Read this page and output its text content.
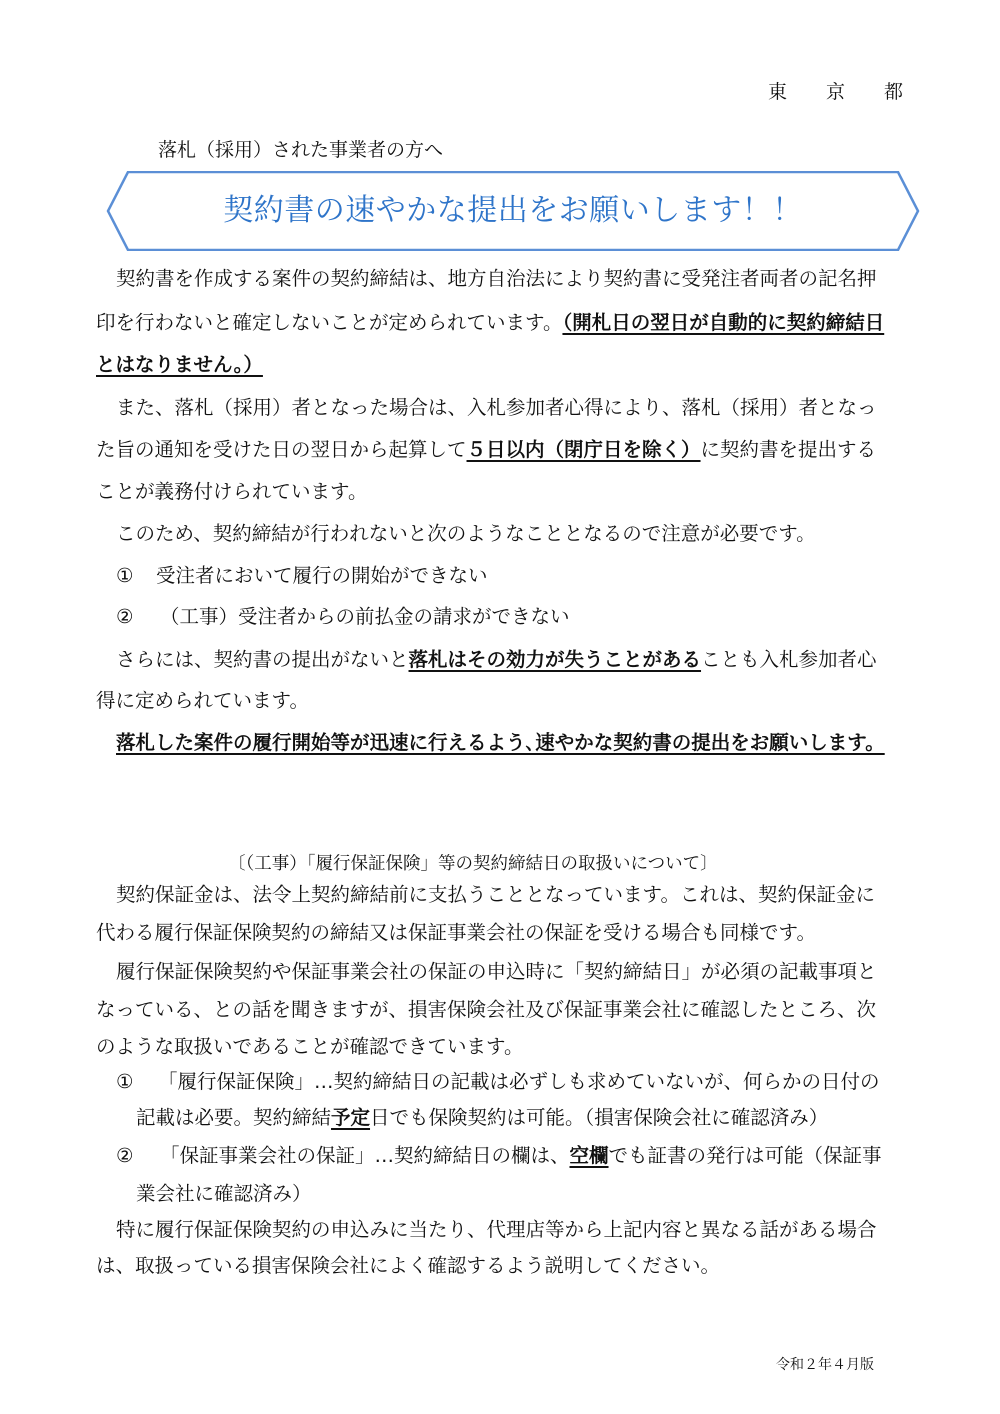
東 京 都
落札（採用）された事業者の方へ
契約書の速やかな提出をお願いします！！
契約書を作成する案件の契約締結は、地方自治法により契約書に受発注者両者の記名押
印を行わないと確定しないことが定められています。（開札日の翌日が自動的に契約締結日
とはなりません。）
また、落札（採用）者となった場合は、入札参加者心得により、落札（採用）者となっ
た旨の通知を受けた日の翌日から起算して５日以内（閉庁日を除く）に契約書を提出する
ことが義務付けられています。
このため、契約締結が行われないと次のようなこととなるので注意が必要です。
① 受注者において履行の開始ができない
② （工事）受注者からの前払金の請求ができない
さらには、契約書の提出がないと落札はその効力が失うことがあることも入札参加者心
得に定められています。
落札した案件の履行開始等が迅速に行えるよう､速やかな契約書の提出をお願いします。
〔（工事）「履行保証保険」等の契約締結日の取扱いについて〕
契約保証金は、法令上契約締結前に支払うこととなっています。これは、契約保証金に
代わる履行保証保険契約の締結又は保証事業会社の保証を受ける場合も同様です。
履行保証保険契約や保証事業会社の保証の申込時に「契約締結日」が必須の記載事項と
なっている、との話を聞きますが、損害保険会社及び保証事業会社に確認したところ、次
のような取扱いであることが確認できています。
① 「履行保証保険」…契約締結日の記載は必ずしも求めていないが、何らかの日付の
記載は必要。契約締結予定日でも保険契約は可能。（損害保険会社に確認済み）
② 「保証事業会社の保証」…契約締結日の欄は、空欄でも証書の発行は可能（保証事
業会社に確認済み）
特に履行保証保険契約の申込みに当たり、代理店等から上記内容と異なる話がある場合
は、取扱っている損害保険会社によく確認するよう説明してください。
令和２年４月版
